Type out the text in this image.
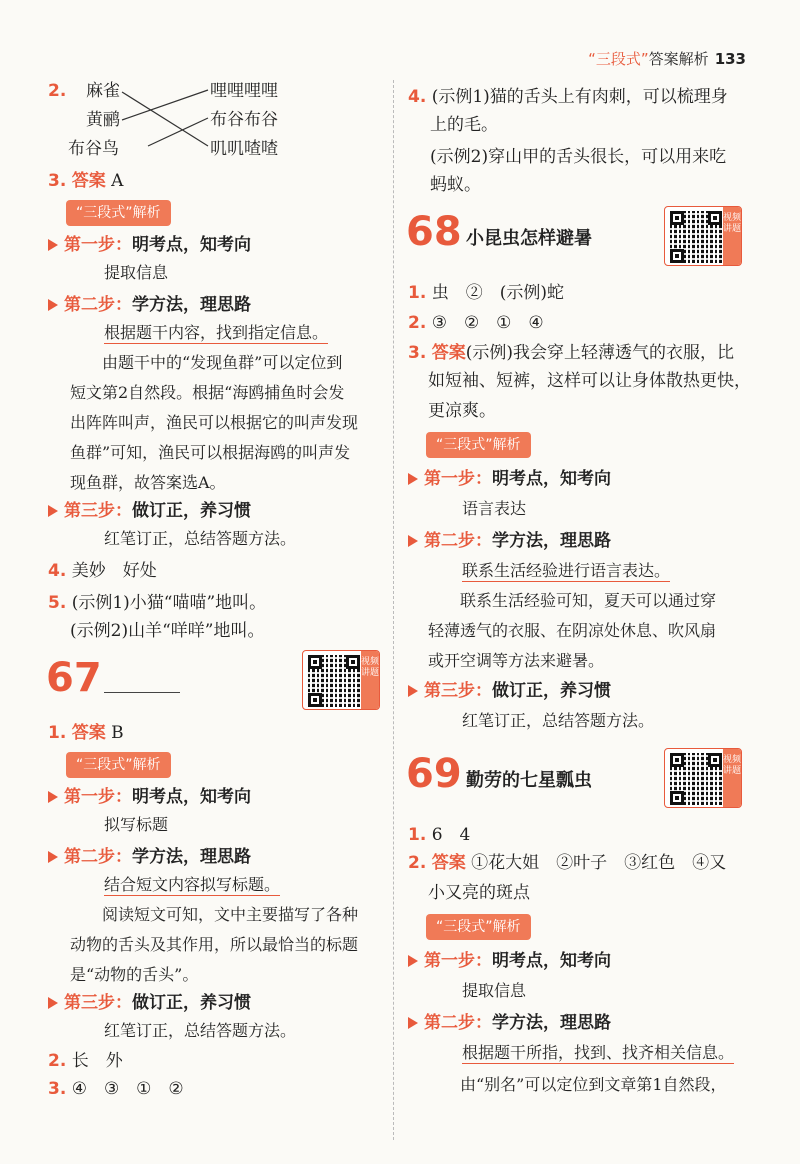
“三段式”答案解析 133
2. 麻雀
黄鹂
布谷鸟
哩哩哩哩
布谷布谷
叽叽喳喳
3. 答案 A
“三段式”解析
第一步：明考点，知考向
提取信息
第二步：学方法，理思路
根据题干内容，找到指定信息。
由题干中的“发现鱼群”可以定位到
短文第2自然段。根据“海鸥捕鱼时会发
出阵阵叫声，渔民可以根据它的叫声发现
鱼群”可知，渔民可以根据海鸥的叫声发
现鱼群，故答案选A。
第三步：做订正，养习惯
红笔订正，总结答题方法。
4. 美妙　好处
5. (示例1)小猫“喵喵”地叫。
(示例2)山羊“咩咩”地叫。
67	视频讲题
1. 答案 B
“三段式”解析
第一步：明考点，知考向
拟写标题
第二步：学方法，理思路
结合短文内容拟写标题。
阅读短文可知，文中主要描写了各种
动物的舌头及其作用，所以最恰当的标题
是“动物的舌头”。
第三步：做订正，养习惯
红笔订正，总结答题方法。
2. 长　外
3. ④　③　①　②
4. (示例1)猫的舌头上有肉刺，可以梳理身
上的毛。
(示例2)穿山甲的舌头很长，可以用来吃
蚂蚁。
68 小昆虫怎样避暑
视频讲题
1. 虫　②　(示例)蛇
2. ③　②　①　④
3. 答案(示例)我会穿上轻薄透气的衣服，比
如短袖、短裤，这样可以让身体散热更快，
更凉爽。
“三段式”解析
第一步：明考点，知考向
语言表达
第二步：学方法，理思路
联系生活经验进行语言表达。
联系生活经验可知，夏天可以通过穿
轻薄透气的衣服、在阴凉处休息、吹风扇
或开空调等方法来避暑。
第三步：做订正，养习惯
红笔订正，总结答题方法。
69 勤劳的七星瓢虫
视频讲题
1. 6　4
2. 答案 ①花大姐　②叶子　③红色　④又
小又亮的斑点
“三段式”解析
第一步：明考点，知考向
提取信息
第二步：学方法，理思路
根据题干所指，找到、找齐相关信息。
由“别名”可以定位到文章第1自然段，
